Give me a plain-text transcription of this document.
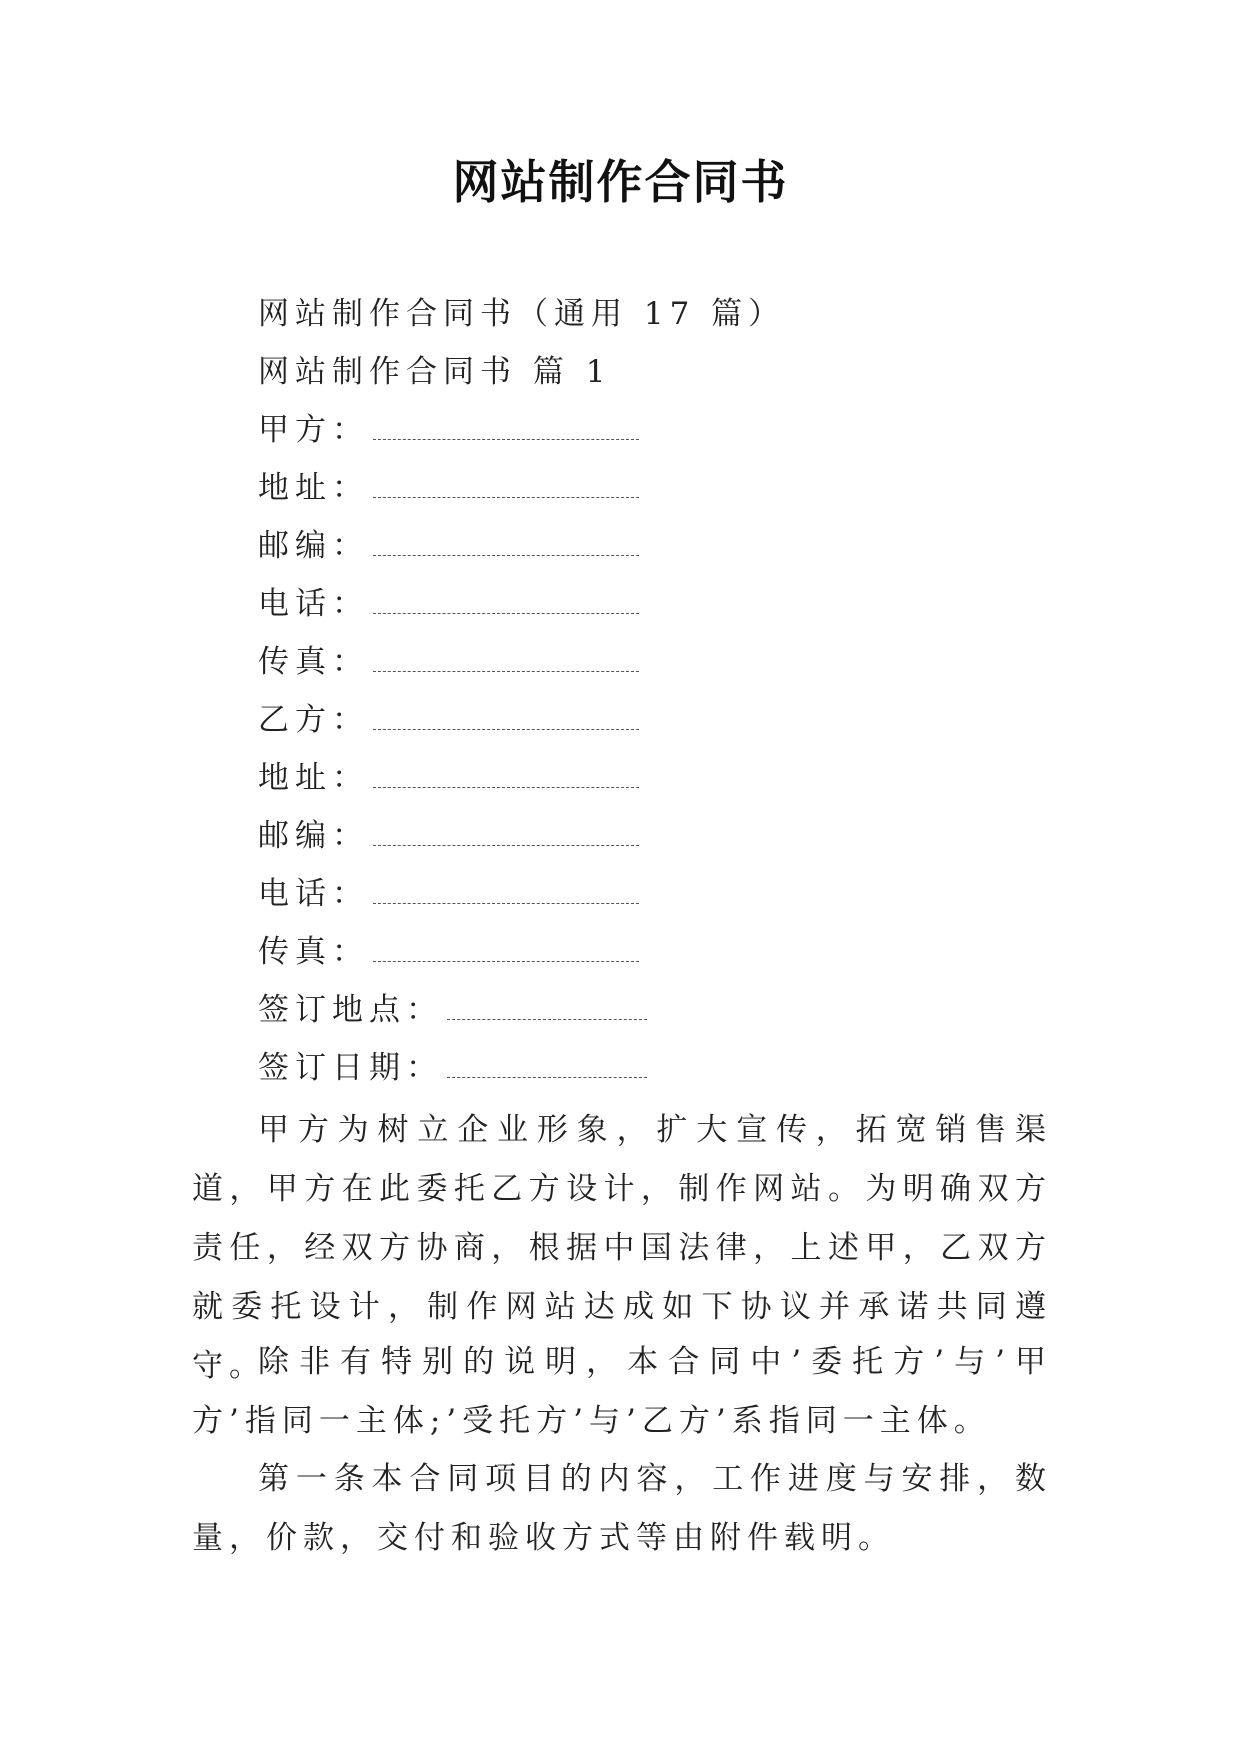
网站制作合同书
网站制作合同书（通用 17 篇）
网站制作合同书 篇 1
甲方：
地址：
邮编：
电话：
传真：
乙方：
地址：
邮编：
电话：
传真：
签订地点：
签订日期：
甲方为树立企业形象，扩大宣传，拓宽销售渠道，甲方在此委托乙方设计，制作网站。为明确双方责任，经双方协商，根据中国法律，上述甲，乙双方就委托设计，制作网站达成如下协议并承诺共同遵守。
除非有特别的说明，本合同中’委托方’与’甲方’指同一主体;’受托方’与’乙方’系指同一主体。
第一条本合同项目的内容，工作进度与安排，数量，价款，交付和验收方式等由附件载明。
